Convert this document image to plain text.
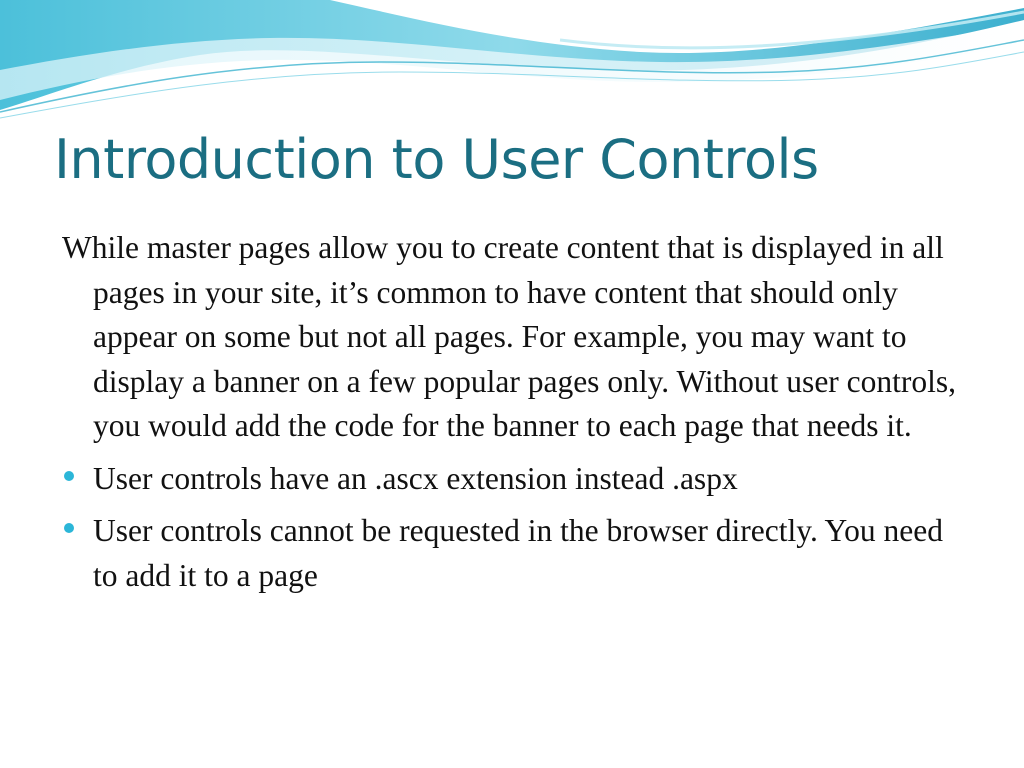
Introduction to User Controls

While master pages allow you to create content that is displayed in all pages in your site, it’s common to have content that should only appear on some but not all pages. For example, you may want to display a banner on a few popular pages only. Without user controls, you would add the code for the banner to each page that needs it.

User controls have an .ascx extension instead .aspx
User controls cannot be requested in the browser directly. You need to add it to a page
